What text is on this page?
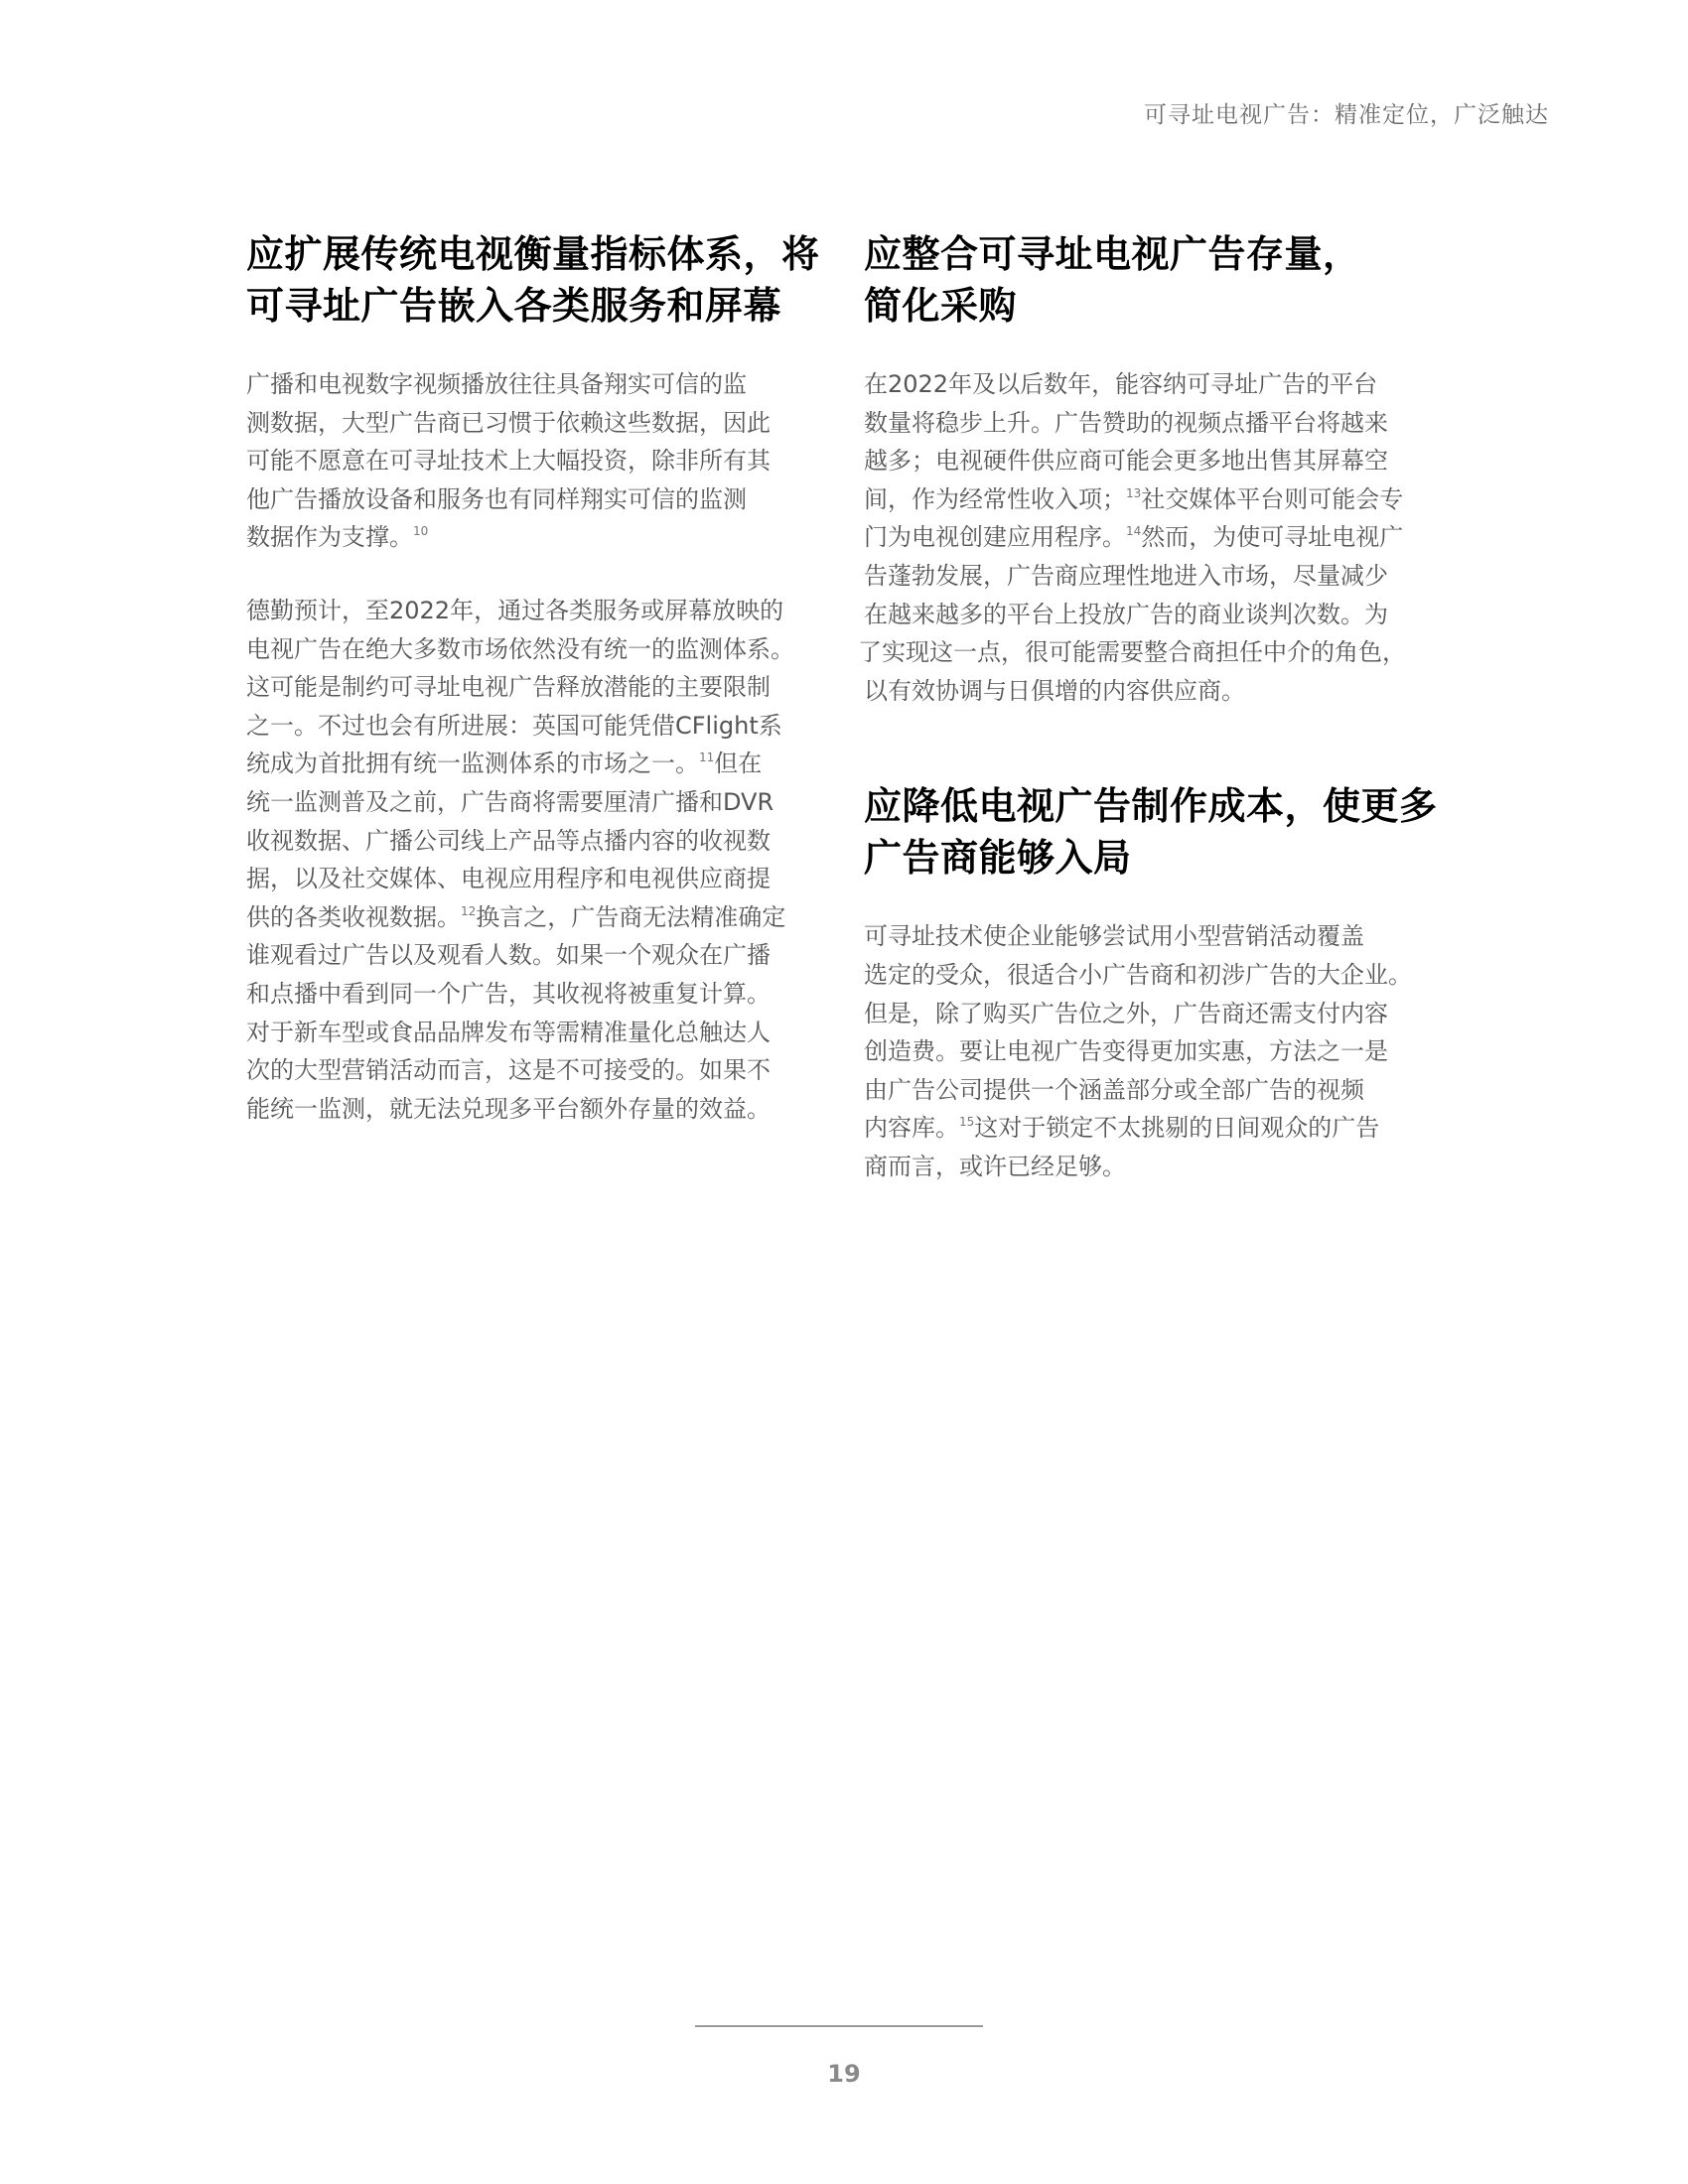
可寻址电视广告：精准定位，广泛触达
应扩展传统电视衡量指标体系，将
可寻址广告嵌入各类服务和屏幕

广播和电视数字视频播放往往具备翔实可信的监
测数据，大型广告商已习惯于依赖这些数据，因此
可能不愿意在可寻址技术上大幅投资，除非所有其
他广告播放设备和服务也有同样翔实可信的监测
数据作为支撑。$^{10}$

德勤预计，至2022年，通过各类服务或屏幕放映的
电视广告在绝大多数市场依然没有统一的监测体系。
这可能是制约可寻址电视广告释放潜能的主要限制
之一。不过也会有所进展：英国可能凭借CFlight系
统成为首批拥有统一监测体系的市场之一。$^{11}$但在
统一监测普及之前，广告商将需要厘清广播和DVR
收视数据、广播公司线上产品等点播内容的收视数
据，以及社交媒体、电视应用程序和电视供应商提
供的各类收视数据。$^{12}$换言之，广告商无法精准确定
谁观看过广告以及观看人数。如果一个观众在广播
和点播中看到同一个广告，其收视将被重复计算。
对于新车型或食品品牌发布等需精准量化总触达人
次的大型营销活动而言，这是不可接受的。如果不
能统一监测，就无法兑现多平台额外存量的效益。

应整合可寻址电视广告存量，
简化采购

在2022年及以后数年，能容纳可寻址广告的平台
数量将稳步上升。广告赞助的视频点播平台将越来
越多；电视硬件供应商可能会更多地出售其屏幕空
间，作为经常性收入项；$^{13}$社交媒体平台则可能会专
门为电视创建应用程序。$^{14}$然而，为使可寻址电视广
告蓬勃发展，广告商应理性地进入市场，尽量减少
在越来越多的平台上投放广告的商业谈判次数。为
了实现这一点，很可能需要整合商担任中介的角色，
以有效协调与日俱增的内容供应商。

应降低电视广告制作成本，使更多
广告商能够入局

可寻址技术使企业能够尝试用小型营销活动覆盖
选定的受众，很适合小广告商和初涉广告的大企业。
但是，除了购买广告位之外，广告商还需支付内容
创造费。要让电视广告变得更加实惠，方法之一是
由广告公司提供一个涵盖部分或全部广告的视频
内容库。$^{15}$这对于锁定不太挑剔的日间观众的广告
商而言，或许已经足够。

19
